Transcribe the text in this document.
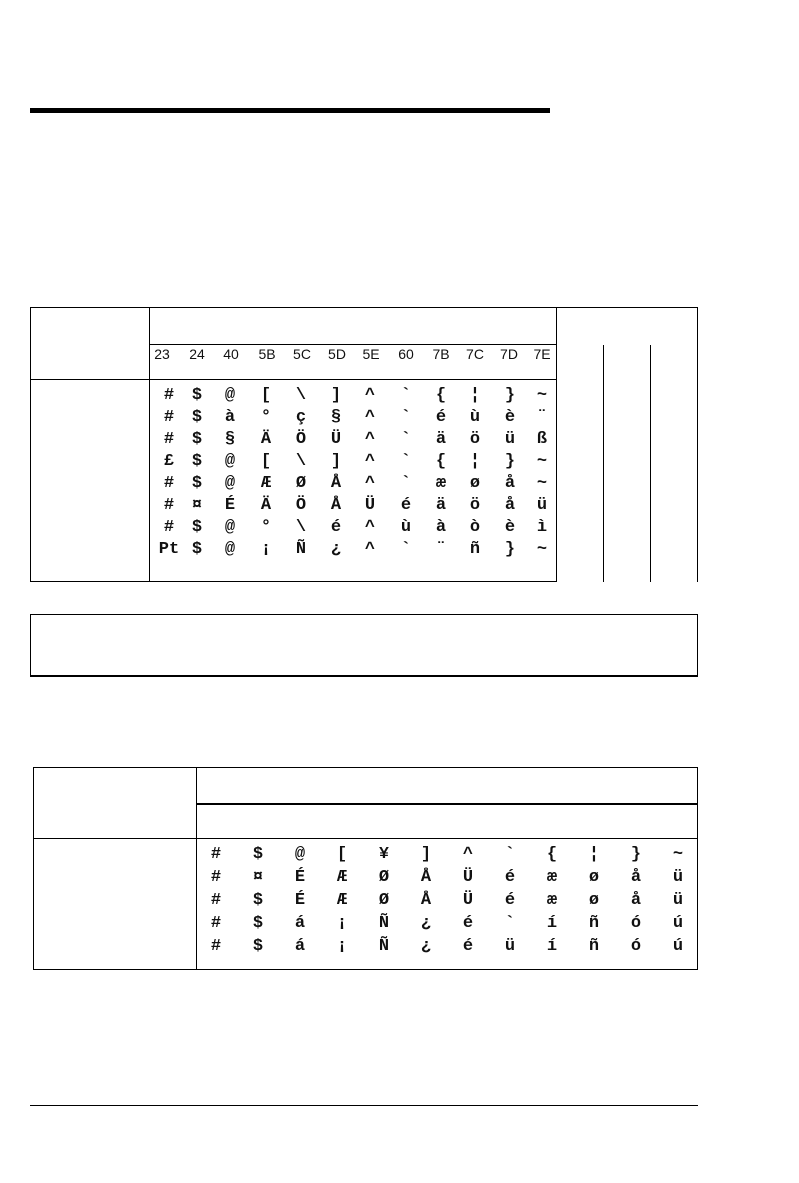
23 24 40 5B 5C 5D 5E 60 7B 7C 7D 7E
# $ @ [ \ ] ^ ` { ¦ } ~
# $ à ° ç § ^ ` é ù è ¨
# $ § Ä Ö Ü ^ ` ä ö ü ß
£ $ @ [ \ ] ^ ` { ¦ } ~
# $ @ Æ Ø Å ^ ` æ ø å ~
# ¤ É Ä Ö Å Ü é ä ö å ü
# $ @ ° \ é ^ ù à ò è ì
Pt $ @ ¡ Ñ ¿ ^ ` ¨ ñ } ~
# $ @ [ ¥ ] ^ ` { ¦ } ~
# ¤ É Æ Ø Å Ü é æ ø å ü
# $ É Æ Ø Å Ü é æ ø å ü
# $ á ¡ Ñ ¿ é ` í ñ ó ú
# $ á ¡ Ñ ¿ é ü í ñ ó ú
